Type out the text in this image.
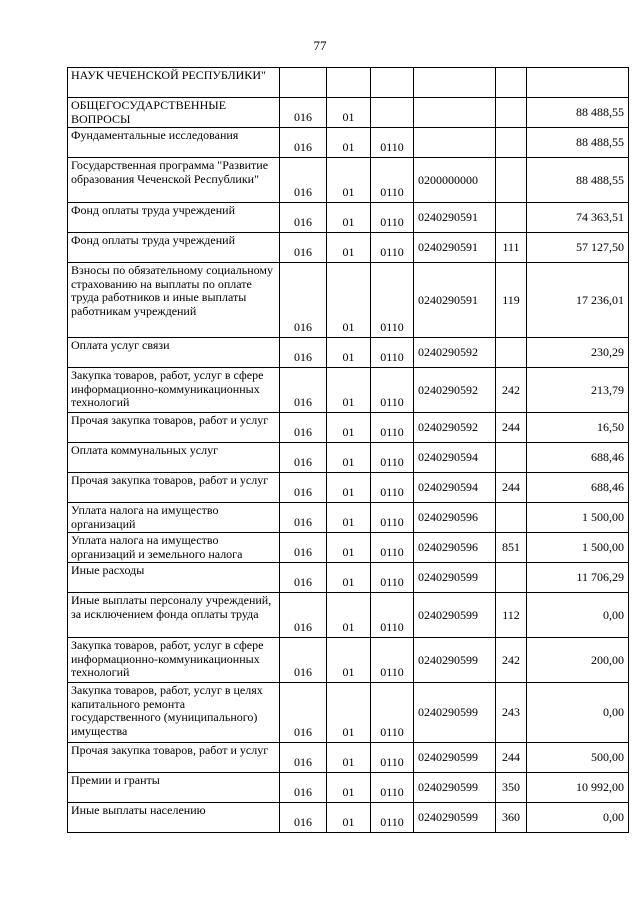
77
НАУК ЧЕЧЕНСКОЙ РЕСПУБЛИКИ"						
ОБЩЕГОСУДАРСТВЕННЫЕ ВОПРОСЫ	016	01				88 488,55
Фундаментальные исследования	016	01	0110			88 488,55
Государственная программа "Развитие образования Чеченской Республики"	016	01	0110	0200000000		88 488,55
Фонд оплаты труда учреждений	016	01	0110	0240290591		74 363,51
Фонд оплаты труда учреждений	016	01	0110	0240290591	111	57 127,50
Взносы по обязательному социальному страхованию на выплаты по оплате труда работников и иные выплаты работникам учреждений	016	01	0110	0240290591	119	17 236,01
Оплата услуг связи	016	01	0110	0240290592		230,29
Закупка товаров, работ, услуг в сфере информационно-коммуникационных технологий	016	01	0110	0240290592	242	213,79
Прочая закупка товаров, работ и услуг	016	01	0110	0240290592	244	16,50
Оплата коммунальных услуг	016	01	0110	0240290594		688,46
Прочая закупка товаров, работ и услуг	016	01	0110	0240290594	244	688,46
Уплата налога на имущество организаций	016	01	0110	0240290596		1 500,00
Уплата налога на имущество организаций и земельного налога	016	01	0110	0240290596	851	1 500,00
Иные расходы	016	01	0110	0240290599		11 706,29
Иные выплаты персоналу учреждений, за исключением фонда оплаты труда	016	01	0110	0240290599	112	0,00
Закупка товаров, работ, услуг в сфере информационно-коммуникационных технологий	016	01	0110	0240290599	242	200,00
Закупка товаров, работ, услуг в целях капитального ремонта государственного (муниципального) имущества	016	01	0110	0240290599	243	0,00
Прочая закупка товаров, работ и услуг	016	01	0110	0240290599	244	500,00
Премии и гранты	016	01	0110	0240290599	350	10 992,00
Иные выплаты населению	016	01	0110	0240290599	360	0,00
